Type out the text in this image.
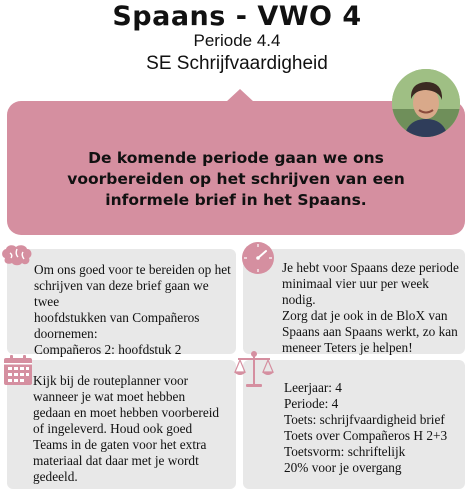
Spaans - VWO 4
Periode 4.4
SE Schrijfvaardigheid
De komende periode gaan we ons voorbereiden op het schrijven van een informele brief in het Spaans.
Om ons goed voor te bereiden op het
schrijven van deze brief gaan we twee
hoofdstukken van Compañeros
doornemen:
Compañeros 2: hoofdstuk 2
Je hebt voor Spaans deze periode
minimaal vier uur per week nodig.
Zorg dat je ook in de BloX van
Spaans aan Spaans werkt, zo kan
meneer Teters je helpen!
Kijk bij de routeplanner voor
wanneer je wat moet hebben
gedaan en moet hebben voorbereid
of ingeleverd. Houd ook goed
Teams in de gaten voor het extra
materiaal dat daar met je wordt
gedeeld.
Leerjaar: 4
Periode: 4
Toets: schrijfvaardigheid brief
Toets over Compañeros H 2+3
Toetsvorm: schriftelijk
20% voor je overgang
